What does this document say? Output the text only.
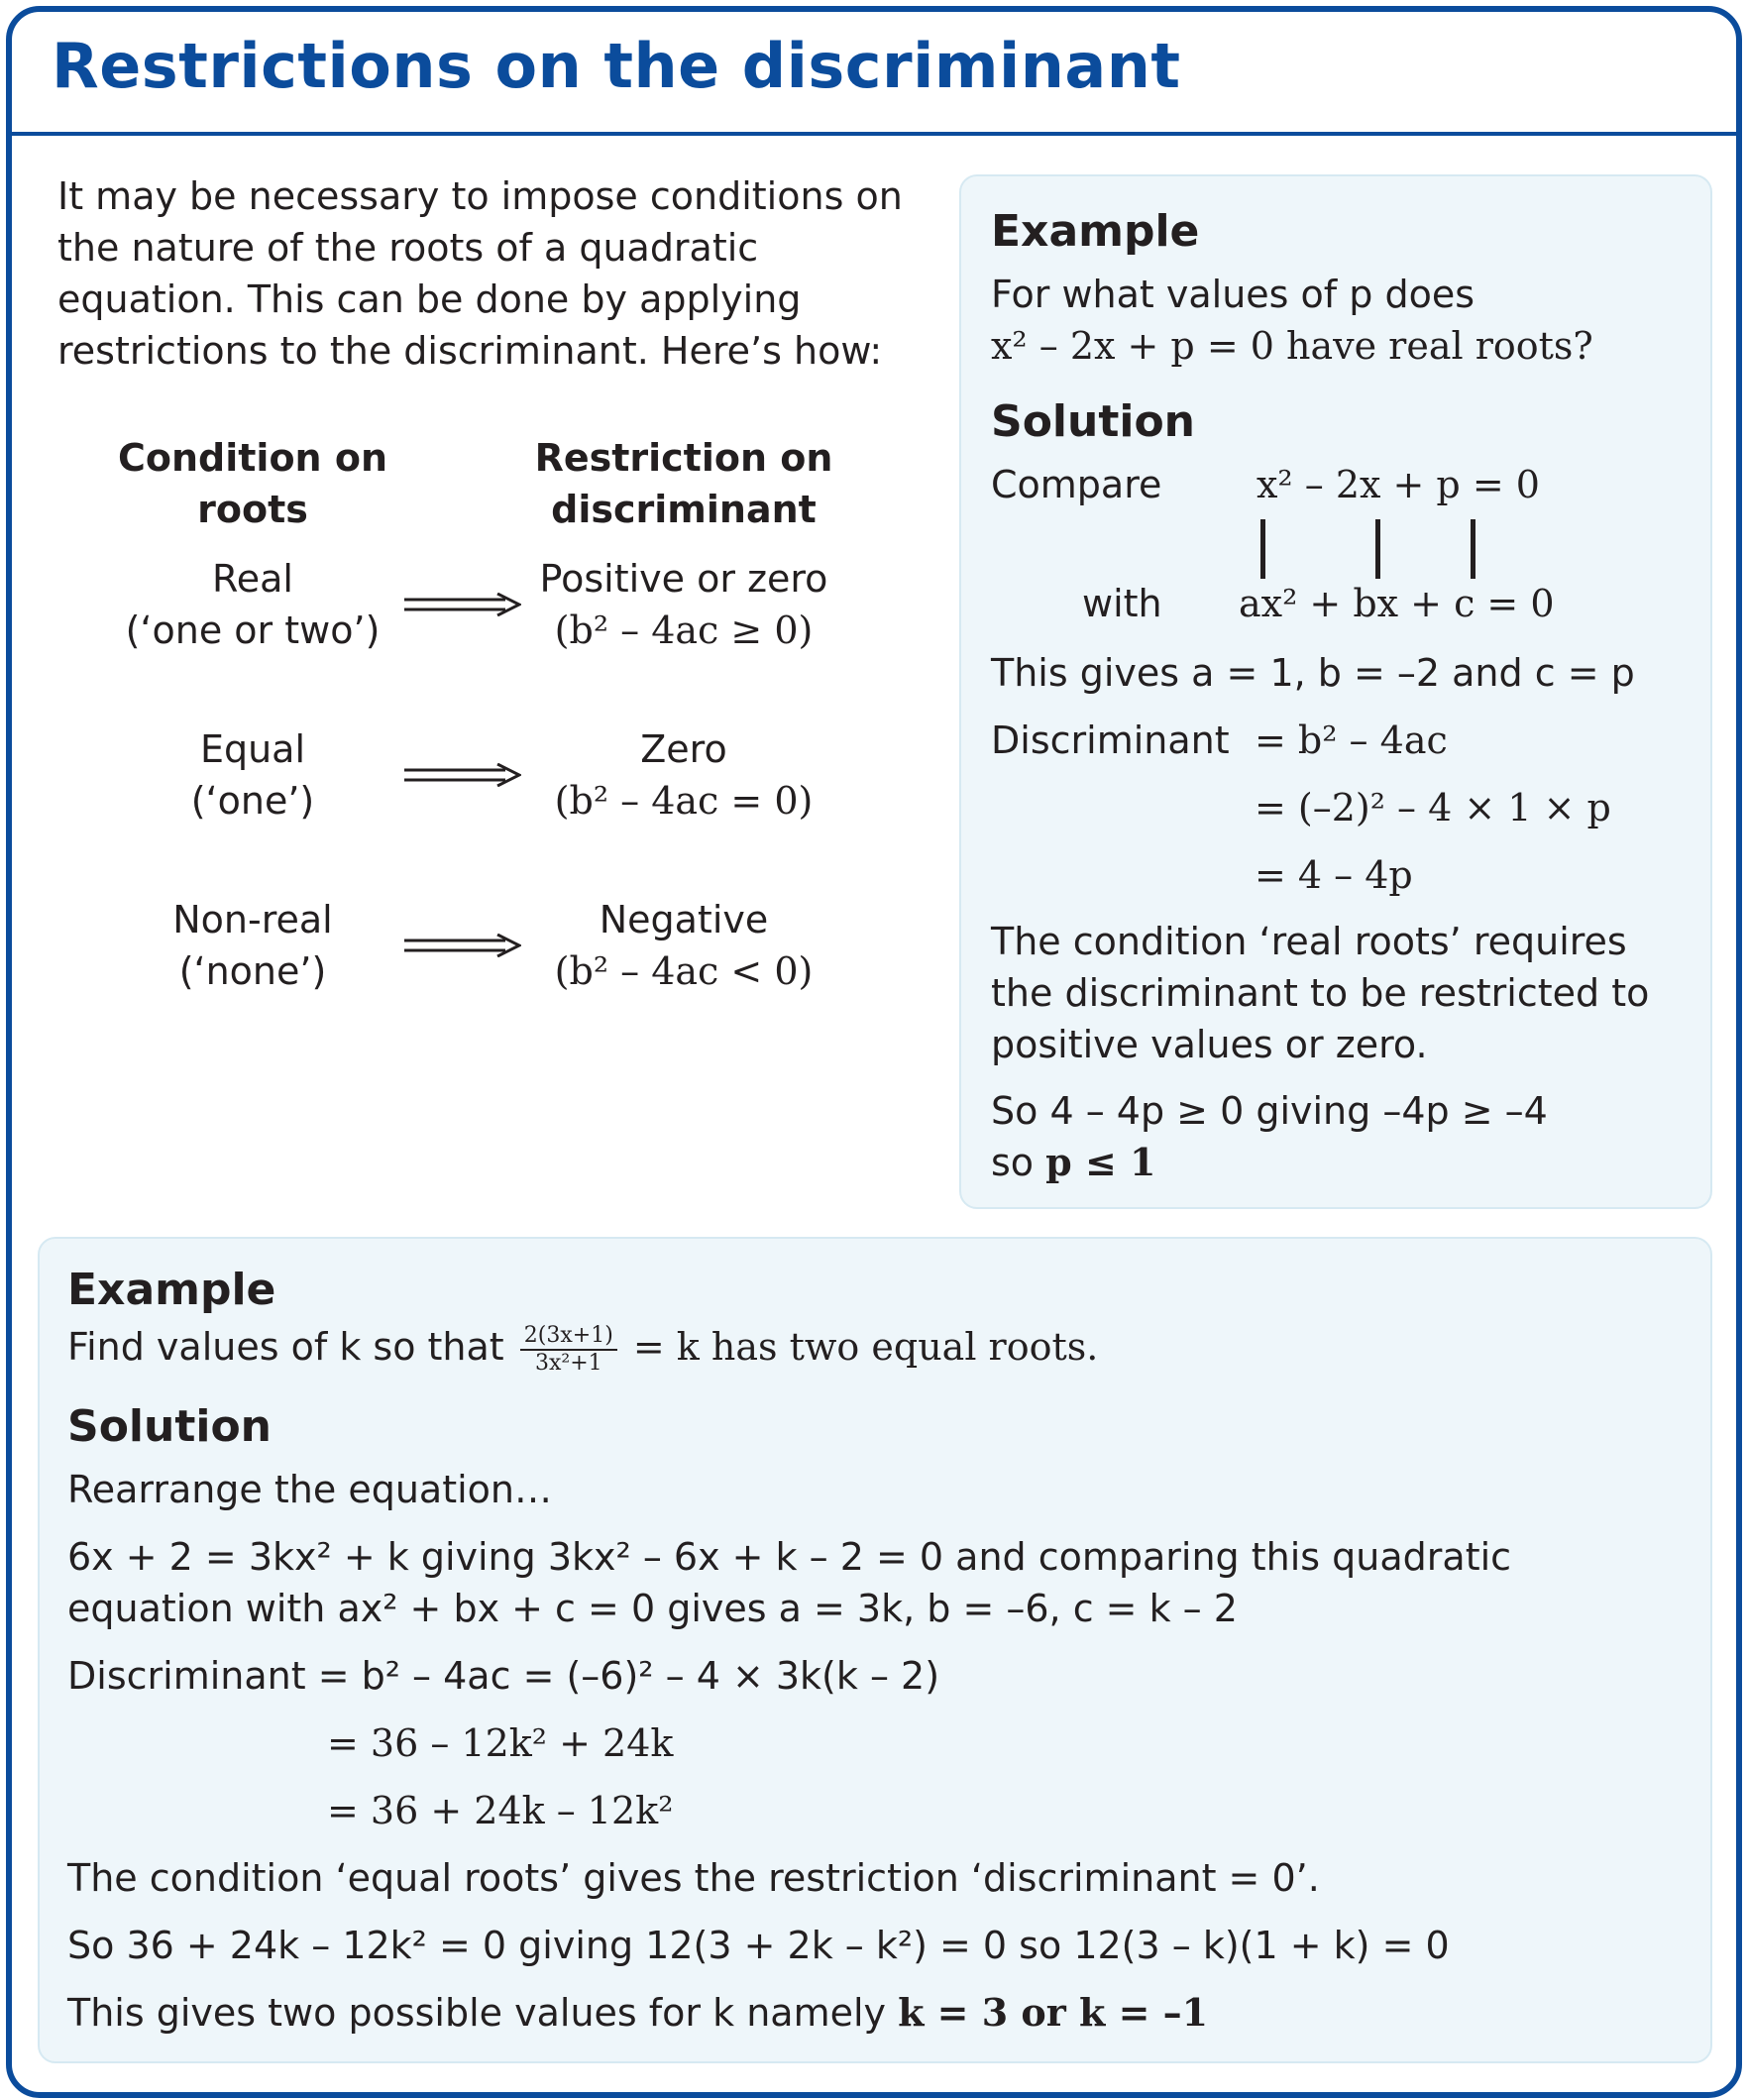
Restrictions on the discriminant

It may be necessary to impose conditions on the nature of the roots of a quadratic equation. This can be done by applying restrictions to the discriminant. Here’s how:

Condition on roots
Restriction on discriminant
Real
(‘one or two’)
Positive or zero
(b² – 4ac ≥ 0)
Equal
(‘one’)
Zero
(b² – 4ac = 0)
Non-real
(‘none’)
Negative
(b² – 4ac < 0)
Example
For what values of p does
x² – 2x + p = 0 have real roots?
Solution
Compare	x² – 2x + p = 0
with ax² + bx + c = 0
This gives a = 1, b = –2 and c = p
Discriminant = b² – 4ac
= (–2)² – 4 × 1 × p
= 4 – 4p
The condition ‘real roots’ requires the discriminant to be restricted to positive values or zero.
So 4 – 4p ≥ 0 giving –4p ≥ –4
so p ≤ 1
Example
Find values of k so that $\frac{2(3x+1)}{\text{3x²+1}} = k$ has two equal roots.
Solution
Rearrange the equation…
6x + 2 = 3kx² + k giving 3kx² – 6x + k – 2 = 0 and comparing this quadratic
equation with ax² + bx + c = 0 gives a = 3k, b = –6, c = k – 2
Discriminant = b² – 4ac = (–6)² – 4 × 3k(k – 2)
= 36 – 12k² + 24k
= 36 + 24k – 12k²
The condition ‘equal roots’ gives the restriction ‘discriminant = 0’.
So 36 + 24k – 12k² = 0 giving 12(3 + 2k – k²) = 0 so 12(3 – k)(1 + k) = 0
This gives two possible values for k namely k = 3 or k = –1
